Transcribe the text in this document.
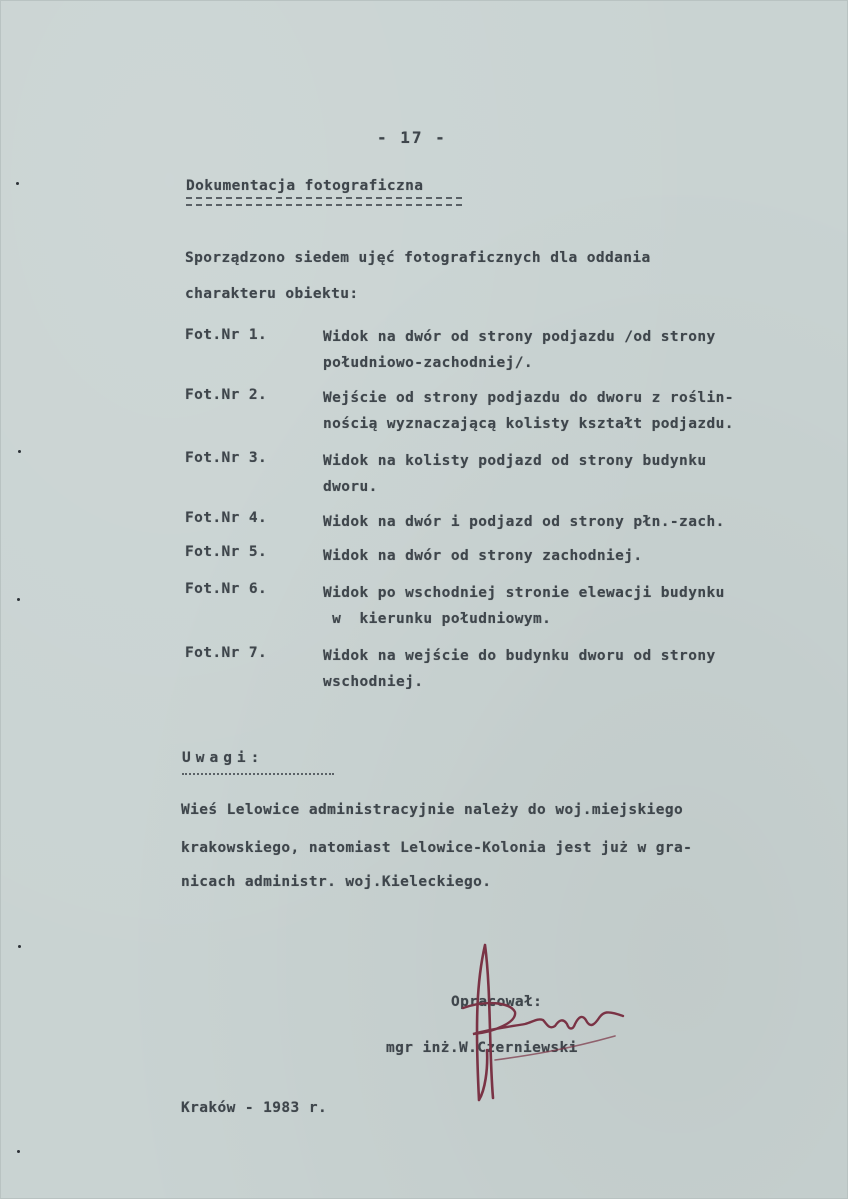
- 17 -
Dokumentacja fotograficzna
Sporządzono siedem ujęć fotograficznych dla oddania
charakteru obiektu:
Fot.Nr 1.	Widok na dwór od strony podjazdu /od strony
południowo-zachodniej/.
Fot.Nr 2.	Wejście od strony podjazdu do dworu z roślin-
nością wyznaczającą kolisty kształt podjazdu.
Fot.Nr 3.	Widok na kolisty podjazd od strony budynku
dworu.
Fot.Nr 4.	Widok na dwór i podjazd od strony płn.-zach.
Fot.Nr 5.	Widok na dwór od strony zachodniej.
Fot.Nr 6.	Widok po wschodniej stronie elewacji budynku
w  kierunku południowym.
Fot.Nr 7.	Widok na wejście do budynku dworu od strony
wschodniej.
Uwagi:
Wieś Lelowice administracyjnie należy do woj.miejskiego
krakowskiego, natomiast Lelowice-Kolonia jest już w gra-
nicach administr. woj.Kieleckiego.
Opracował:
mgr inż.W.Czerniewski
Kraków - 1983 r.
